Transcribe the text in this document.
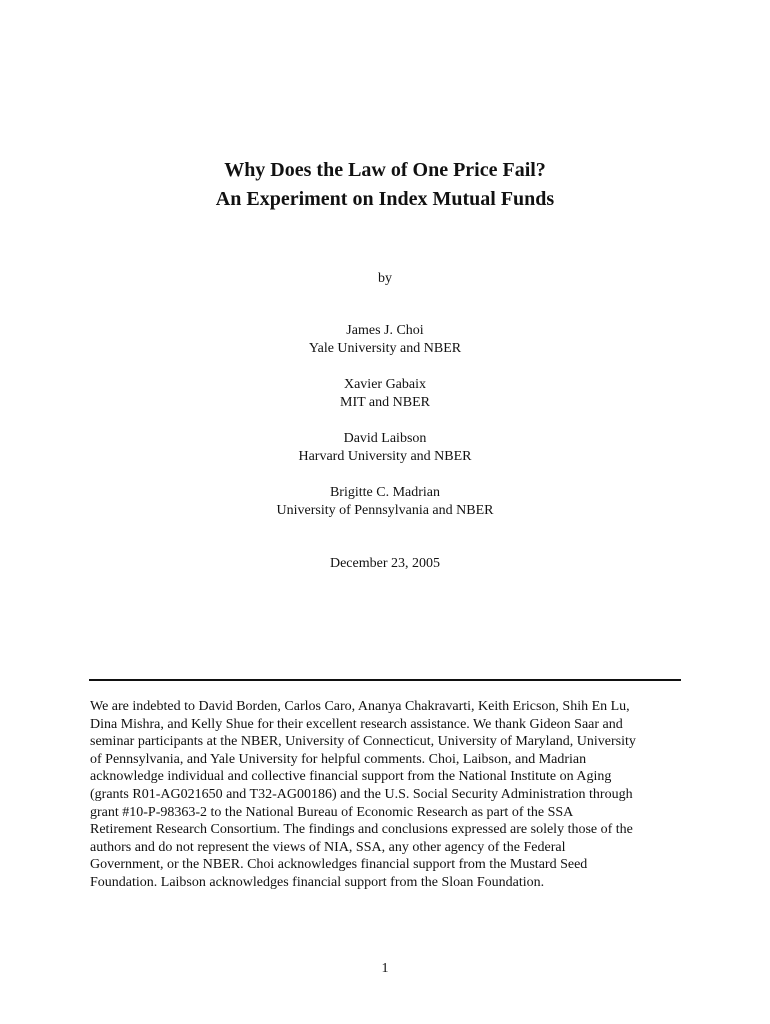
Why Does the Law of One Price Fail?
An Experiment on Index Mutual Funds
by
James J. Choi
Yale University and NBER
Xavier Gabaix
MIT and NBER
David Laibson
Harvard University and NBER
Brigitte C. Madrian
University of Pennsylvania and NBER
December 23, 2005

We are indebted to David Borden, Carlos Caro, Ananya Chakravarti, Keith Ericson, Shih En Lu,
Dina Mishra, and Kelly Shue for their excellent research assistance. We thank Gideon Saar and
seminar participants at the NBER, University of Connecticut, University of Maryland, University
of Pennsylvania, and Yale University for helpful comments. Choi, Laibson, and Madrian
acknowledge individual and collective financial support from the National Institute on Aging
(grants R01-AG021650 and T32-AG00186) and the U.S. Social Security Administration through
grant #10-P-98363-2 to the National Bureau of Economic Research as part of the SSA
Retirement Research Consortium. The findings and conclusions expressed are solely those of the
authors and do not represent the views of NIA, SSA, any other agency of the Federal
Government, or the NBER. Choi acknowledges financial support from the Mustard Seed
Foundation. Laibson acknowledges financial support from the Sloan Foundation.

1
